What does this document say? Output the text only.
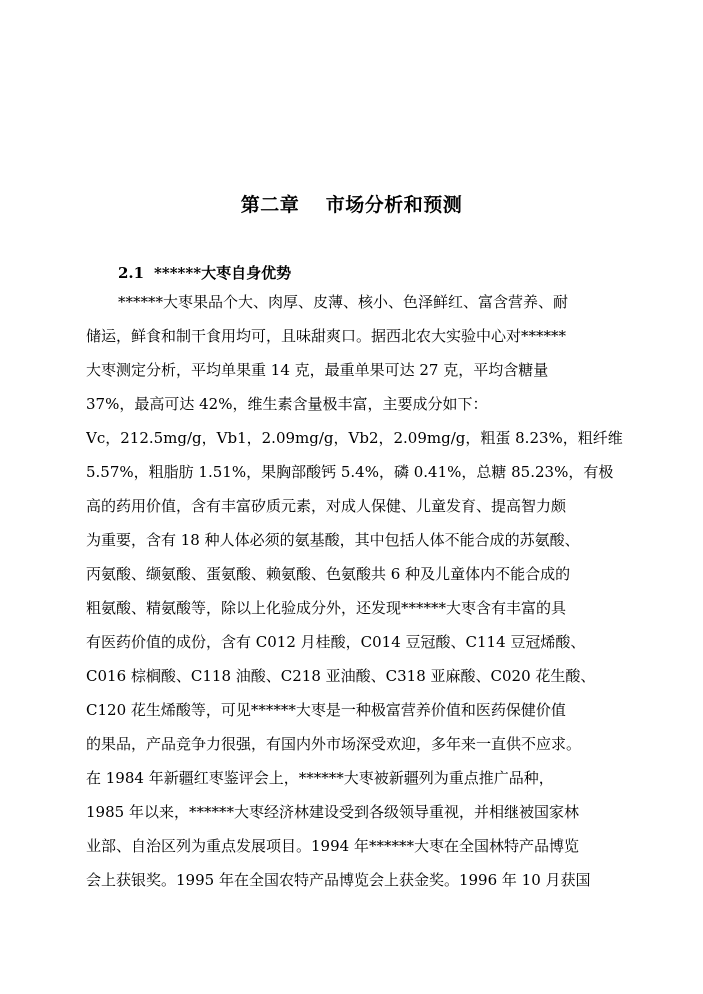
第二章　 市场分析和预测
2.1 ******大枣自身优势
******大枣果品个大、肉厚、皮薄、核小、色泽鲜红、富含营养、耐
储运，鲜食和制干食用均可，且味甜爽口。据西北农大实验中心对******
大枣测定分析，平均单果重 14 克，最重单果可达 27 克，平均含糖量
37%，最高可达 42%，维生素含量极丰富，主要成分如下：
Vc，212.5mg/g，Vb1，2.09mg/g，Vb2，2.09mg/g，粗蛋 8.23%，粗纤维
5.57%，粗脂肪 1.51%，果胸部酸钙 5.4%，磷 0.41%，总糖 85.23%，有极
高的药用价值，含有丰富矽质元素，对成人保健、儿童发育、提高智力颇
为重要，含有 18 种人体必须的氨基酸，其中包括人体不能合成的苏氨酸、
丙氨酸、缬氨酸、蛋氨酸、赖氨酸、色氨酸共 6 种及儿童体内不能合成的
粗氨酸、精氨酸等，除以上化验成分外，还发现******大枣含有丰富的具
有医药价值的成份，含有 C012 月桂酸，C014 豆冠酸、C114 豆冠烯酸、
C016 棕榈酸、C118 油酸、C218 亚油酸、C318 亚麻酸、C020 花生酸、
C120 花生烯酸等，可见******大枣是一种极富营养价值和医药保健价值
的果品，产品竞争力很强，有国内外市场深受欢迎，多年来一直供不应求。
在 1984 年新疆红枣鉴评会上，******大枣被新疆列为重点推广品种，
1985 年以来，******大枣经济林建设受到各级领导重视，并相继被国家林
业部、自治区列为重点发展项目。1994 年******大枣在全国林特产品博览
会上获银奖。1995 年在全国农特产品博览会上获金奖。1996 年 10 月获国
